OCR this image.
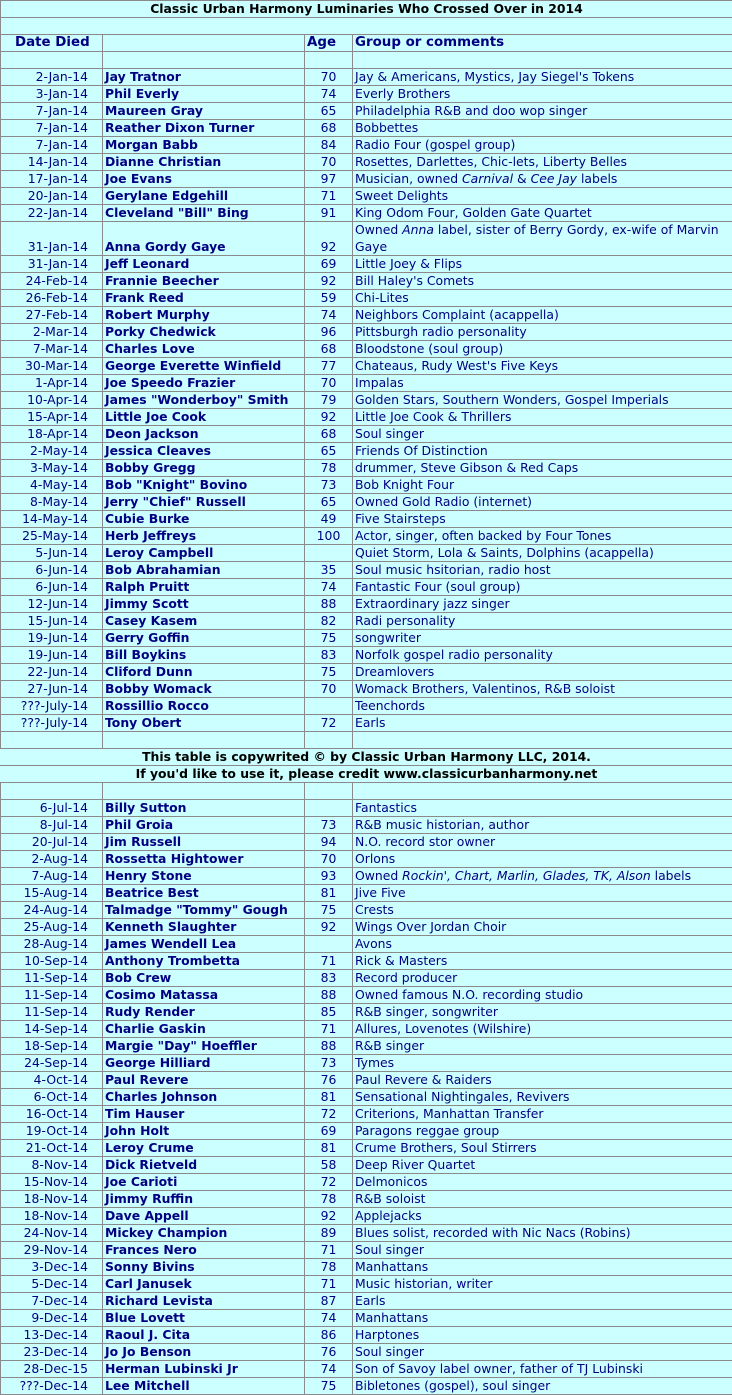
Classic Urban Harmony Luminaries Who Crossed Over in 2014			

Date Died		Age	Group or comments

2-Jan-14	Jay Tratnor	70	Jay & Americans, Mystics, Jay Siegel's Tokens
3-Jan-14	Phil Everly	74	Everly Brothers
7-Jan-14	Maureen Gray	65	Philadelphia R&B and doo wop singer
7-Jan-14	Reather Dixon Turner	68	Bobbettes
7-Jan-14	Morgan Babb	84	Radio Four (gospel group)
14-Jan-14	Dianne Christian	70	Rosettes, Darlettes, Chic-lets, Liberty Belles
17-Jan-14	Joe Evans	97	Musician, owned Carnival & Cee Jay labels
20-Jan-14	Gerylane Edgehill	71	Sweet Delights
22-Jan-14	Cleveland "Bill" Bing	91	King Odom Four, Golden Gate Quartet
31-Jan-14	Anna Gordy Gaye	92	Owned Anna label, sister of Berry Gordy, ex-wife of Marvin Gaye
31-Jan-14	Jeff Leonard	69	Little Joey & Flips
24-Feb-14	Frannie Beecher	92	Bill Haley's Comets
26-Feb-14	Frank Reed	59	Chi-Lites
27-Feb-14	Robert Murphy	74	Neighbors Complaint (acappella)
2-Mar-14	Porky Chedwick	96	Pittsburgh radio personality
7-Mar-14	Charles Love	68	Bloodstone (soul group)
30-Mar-14	George Everette Winfield	77	Chateaus, Rudy West's Five Keys
1-Apr-14	Joe Speedo Frazier	70	Impalas
10-Apr-14	James "Wonderboy" Smith	79	Golden Stars, Southern Wonders, Gospel Imperials
15-Apr-14	Little Joe Cook	92	Little Joe Cook & Thrillers
18-Apr-14	Deon Jackson	68	Soul singer
2-May-14	Jessica Cleaves	65	Friends Of Distinction
3-May-14	Bobby Gregg	78	drummer, Steve Gibson & Red Caps
4-May-14	Bob "Knight" Bovino	73	Bob Knight Four
8-May-14	Jerry "Chief" Russell	65	Owned Gold Radio (internet)
14-May-14	Cubie Burke	49	Five Stairsteps
25-May-14	Herb Jeffreys	100	Actor, singer, often backed by Four Tones
5-Jun-14	Leroy Campbell		Quiet Storm, Lola & Saints, Dolphins (acappella)
6-Jun-14	Bob Abrahamian	35	Soul music hsitorian, radio host
6-Jun-14	Ralph Pruitt	74	Fantastic Four (soul group)
12-Jun-14	Jimmy Scott	88	Extraordinary jazz singer
15-Jun-14	Casey Kasem	82	Radi personality
19-Jun-14	Gerry Goffin	75	songwriter
19-Jun-14	Bill Boykins	83	Norfolk gospel radio personality
22-Jun-14	Cliford Dunn	75	Dreamlovers
27-Jun-14	Bobby Womack	70	Womack Brothers, Valentinos, R&B soloist
???-July-14	Rossillio Rocco		Teenchords
???-July-14	Tony Obert	72	Earls

This table is copywrited © by Classic Urban Harmony LLC, 2014.			
If you'd like to use it, please credit www.classicurbanharmony.net			

6-Jul-14	Billy Sutton		Fantastics
8-Jul-14	Phil Groia	73	R&B music historian, author
20-Jul-14	Jim Russell	94	N.O. record stor owner
2-Aug-14	Rossetta Hightower	70	Orlons
7-Aug-14	Henry Stone	93	Owned Rockin', Chart, Marlin, Glades, TK, Alson labels
15-Aug-14	Beatrice Best	81	Jive Five
24-Aug-14	Talmadge "Tommy" Gough	75	Crests
25-Aug-14	Kenneth Slaughter	92	Wings Over Jordan Choir
28-Aug-14	James Wendell Lea		Avons
10-Sep-14	Anthony Trombetta	71	Rick & Masters
11-Sep-14	Bob Crew	83	Record producer
11-Sep-14	Cosimo Matassa	88	Owned famous N.O. recording studio
11-Sep-14	Rudy Render	85	R&B singer, songwriter
14-Sep-14	Charlie Gaskin	71	Allures, Lovenotes (Wilshire)
18-Sep-14	Margie "Day" Hoeffler	88	R&B singer
24-Sep-14	George Hilliard	73	Tymes
4-Oct-14	Paul Revere	76	Paul Revere & Raiders
6-Oct-14	Charles Johnson	81	Sensational Nightingales, Revivers
16-Oct-14	Tim Hauser	72	Criterions, Manhattan Transfer
19-Oct-14	John Holt	69	Paragons reggae group
21-Oct-14	Leroy Crume	81	Crume Brothers, Soul Stirrers
8-Nov-14	Dick Rietveld	58	Deep River Quartet
15-Nov-14	Joe Carioti	72	Delmonicos
18-Nov-14	Jimmy Ruffin	78	R&B soloist
18-Nov-14	Dave Appell	92	Applejacks
24-Nov-14	Mickey Champion	89	Blues solist, recorded with Nic Nacs (Robins)
29-Nov-14	Frances Nero	71	Soul singer
3-Dec-14	Sonny Bivins	78	Manhattans
5-Dec-14	Carl Janusek	71	Music historian, writer
7-Dec-14	Richard Levista	87	Earls
9-Dec-14	Blue Lovett	74	Manhattans
13-Dec-14	Raoul J. Cita	86	Harptones
23-Dec-14	Jo Jo Benson	76	Soul singer
28-Dec-15	Herman Lubinski Jr	74	Son of Savoy label owner, father of TJ Lubinski
???-Dec-14	Lee Mitchell	75	Bibletones (gospel), soul singer
